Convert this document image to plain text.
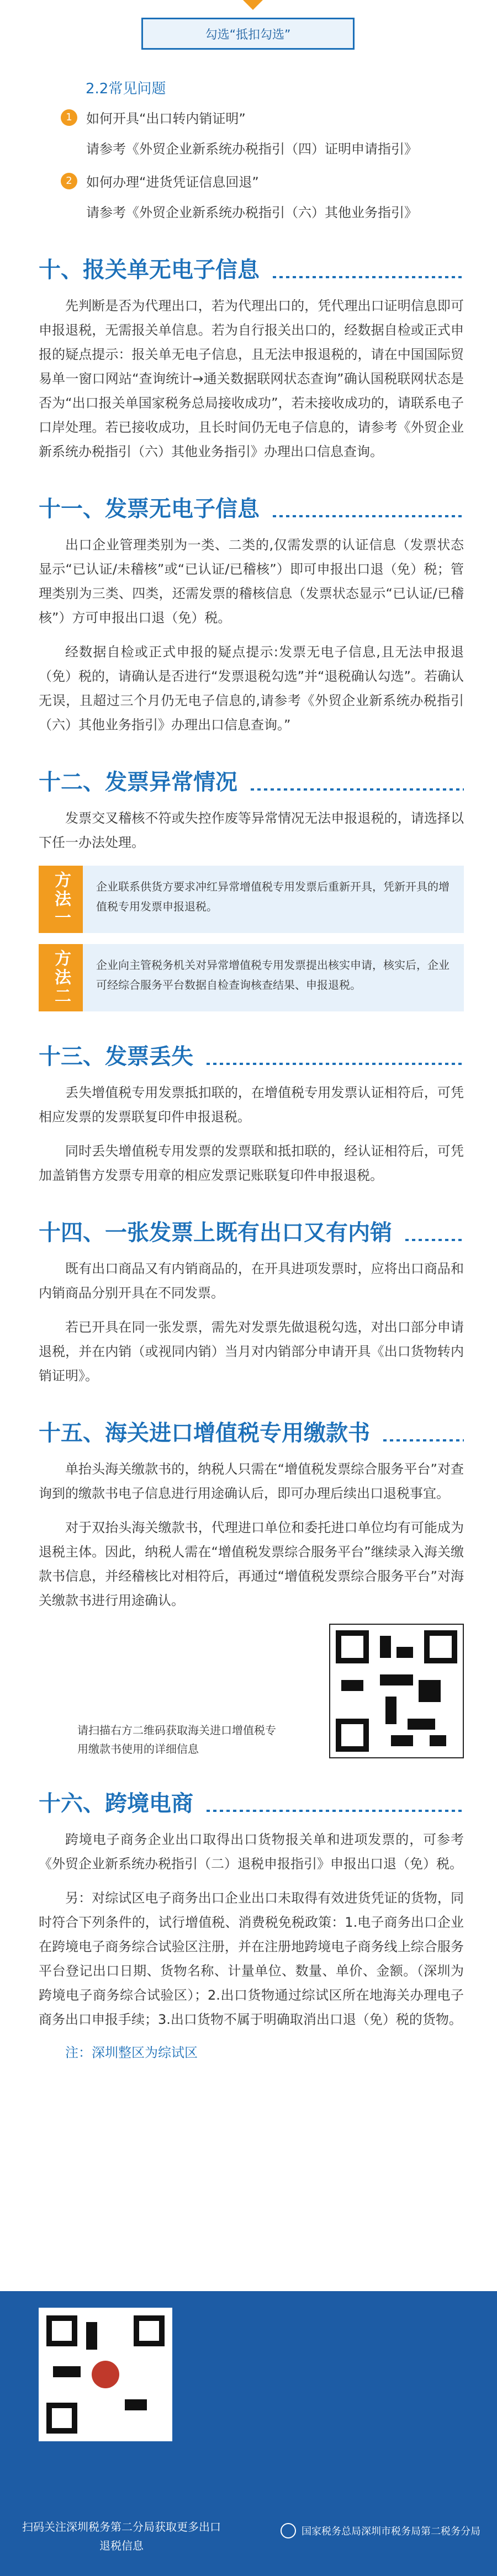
勾选“抵扣勾选”
2.2常见问题
1	如何开具“出口转内销证明”
请参考《外贸企业新系统办税指引（四）证明申请指引》
2	如何办理“进货凭证信息回退”
请参考《外贸企业新系统办税指引（六）其他业务指引》
十、报关单无电子信息

先判断是否为代理出口，若为代理出口的，凭代理出口证明信息即可申报退税，无需报关单信息。若为自行报关出口的，经数据自检或正式申报的疑点提示：报关单无电子信息，且无法申报退税的，请在中国国际贸易单一窗口网站“查询统计→通关数据联网状态查询”确认国税联网状态是否为“出口报关单国家税务总局接收成功”，若未接收成功的，请联系电子口岸处理。若已接收成功，且长时间仍无电子信息的，请参考《外贸企业新系统办税指引（六）其他业务指引》办理出口信息查询。

十一、发票无电子信息

出口企业管理类别为一类、二类的,仅需发票的认证信息（发票状态显示“已认证/未稽核”或“已认证/已稽核”）即可申报出口退（免）税；管理类别为三类、四类，还需发票的稽核信息（发票状态显示“已认证/已稽核”）方可申报出口退（免）税。

经数据自检或正式申报的疑点提示:发票无电子信息,且无法申报退（免）税的，请确认是否进行“发票退税勾选”并“退税确认勾选”。若确认无误，且超过三个月仍无电子信息的,请参考《外贸企业新系统办税指引（六）其他业务指引》办理出口信息查询。”

十二、发票异常情况

发票交叉稽核不符或失控作废等异常情况无法申报退税的，请选择以下任一办法处理。

方法一	企业联系供货方要求冲红异常增值税专用发票后重新开具，凭新开具的增值税专用发票申报退税。
方法二	企业向主管税务机关对异常增值税专用发票提出核实申请，核实后，企业可经综合服务平台数据自检查询核查结果、申报退税。
十三、发票丢失

丢失增值税专用发票抵扣联的，在增值税专用发票认证相符后，可凭相应发票的发票联复印件申报退税。

同时丢失增值税专用发票的发票联和抵扣联的，经认证相符后，可凭加盖销售方发票专用章的相应发票记账联复印件申报退税。

十四、一张发票上既有出口又有内销

既有出口商品又有内销商品的，在开具进项发票时，应将出口商品和内销商品分别开具在不同发票。

若已开具在同一张发票，需先对发票先做退税勾选，对出口部分申请退税，并在内销（或视同内销）当月对内销部分申请开具《出口货物转内销证明》。

十五、海关进口增值税专用缴款书

单抬头海关缴款书的，纳税人只需在“增值税发票综合服务平台”对查询到的缴款书电子信息进行用途确认后，即可办理后续出口退税事宜。

对于双抬头海关缴款书，代理进口单位和委托进口单位均有可能成为退税主体。因此，纳税人需在“增值税发票综合服务平台”继续录入海关缴款书信息，并经稽核比对相符后，再通过“增值税发票综合服务平台”对海关缴款书进行用途确认。

请扫描右方二维码获取海关进口增值税专用缴款书使用的详细信息
十六、跨境电商

跨境电子商务企业出口取得出口货物报关单和进项发票的，可参考《外贸企业新系统办税指引（二）退税申报指引》申报出口退（免）税。

另：对综试区电子商务出口企业出口未取得有效进货凭证的货物，同时符合下列条件的，试行增值税、消费税免税政策：1.电子商务出口企业在跨境电子商务综合试验区注册，并在注册地跨境电子商务线上综合服务平台登记出口日期、货物名称、计量单位、数量、单价、金额。（深圳为跨境电子商务综合试验区）；2.出口货物通过综试区所在地海关办理电子商务出口申报手续；3.出口货物不属于明确取消出口退（免）税的货物。

注：深圳整区为综试区
扫码关注深圳税务第二分局获取更多出口退税信息
国家税务总局深圳市税务局第二税务分局
